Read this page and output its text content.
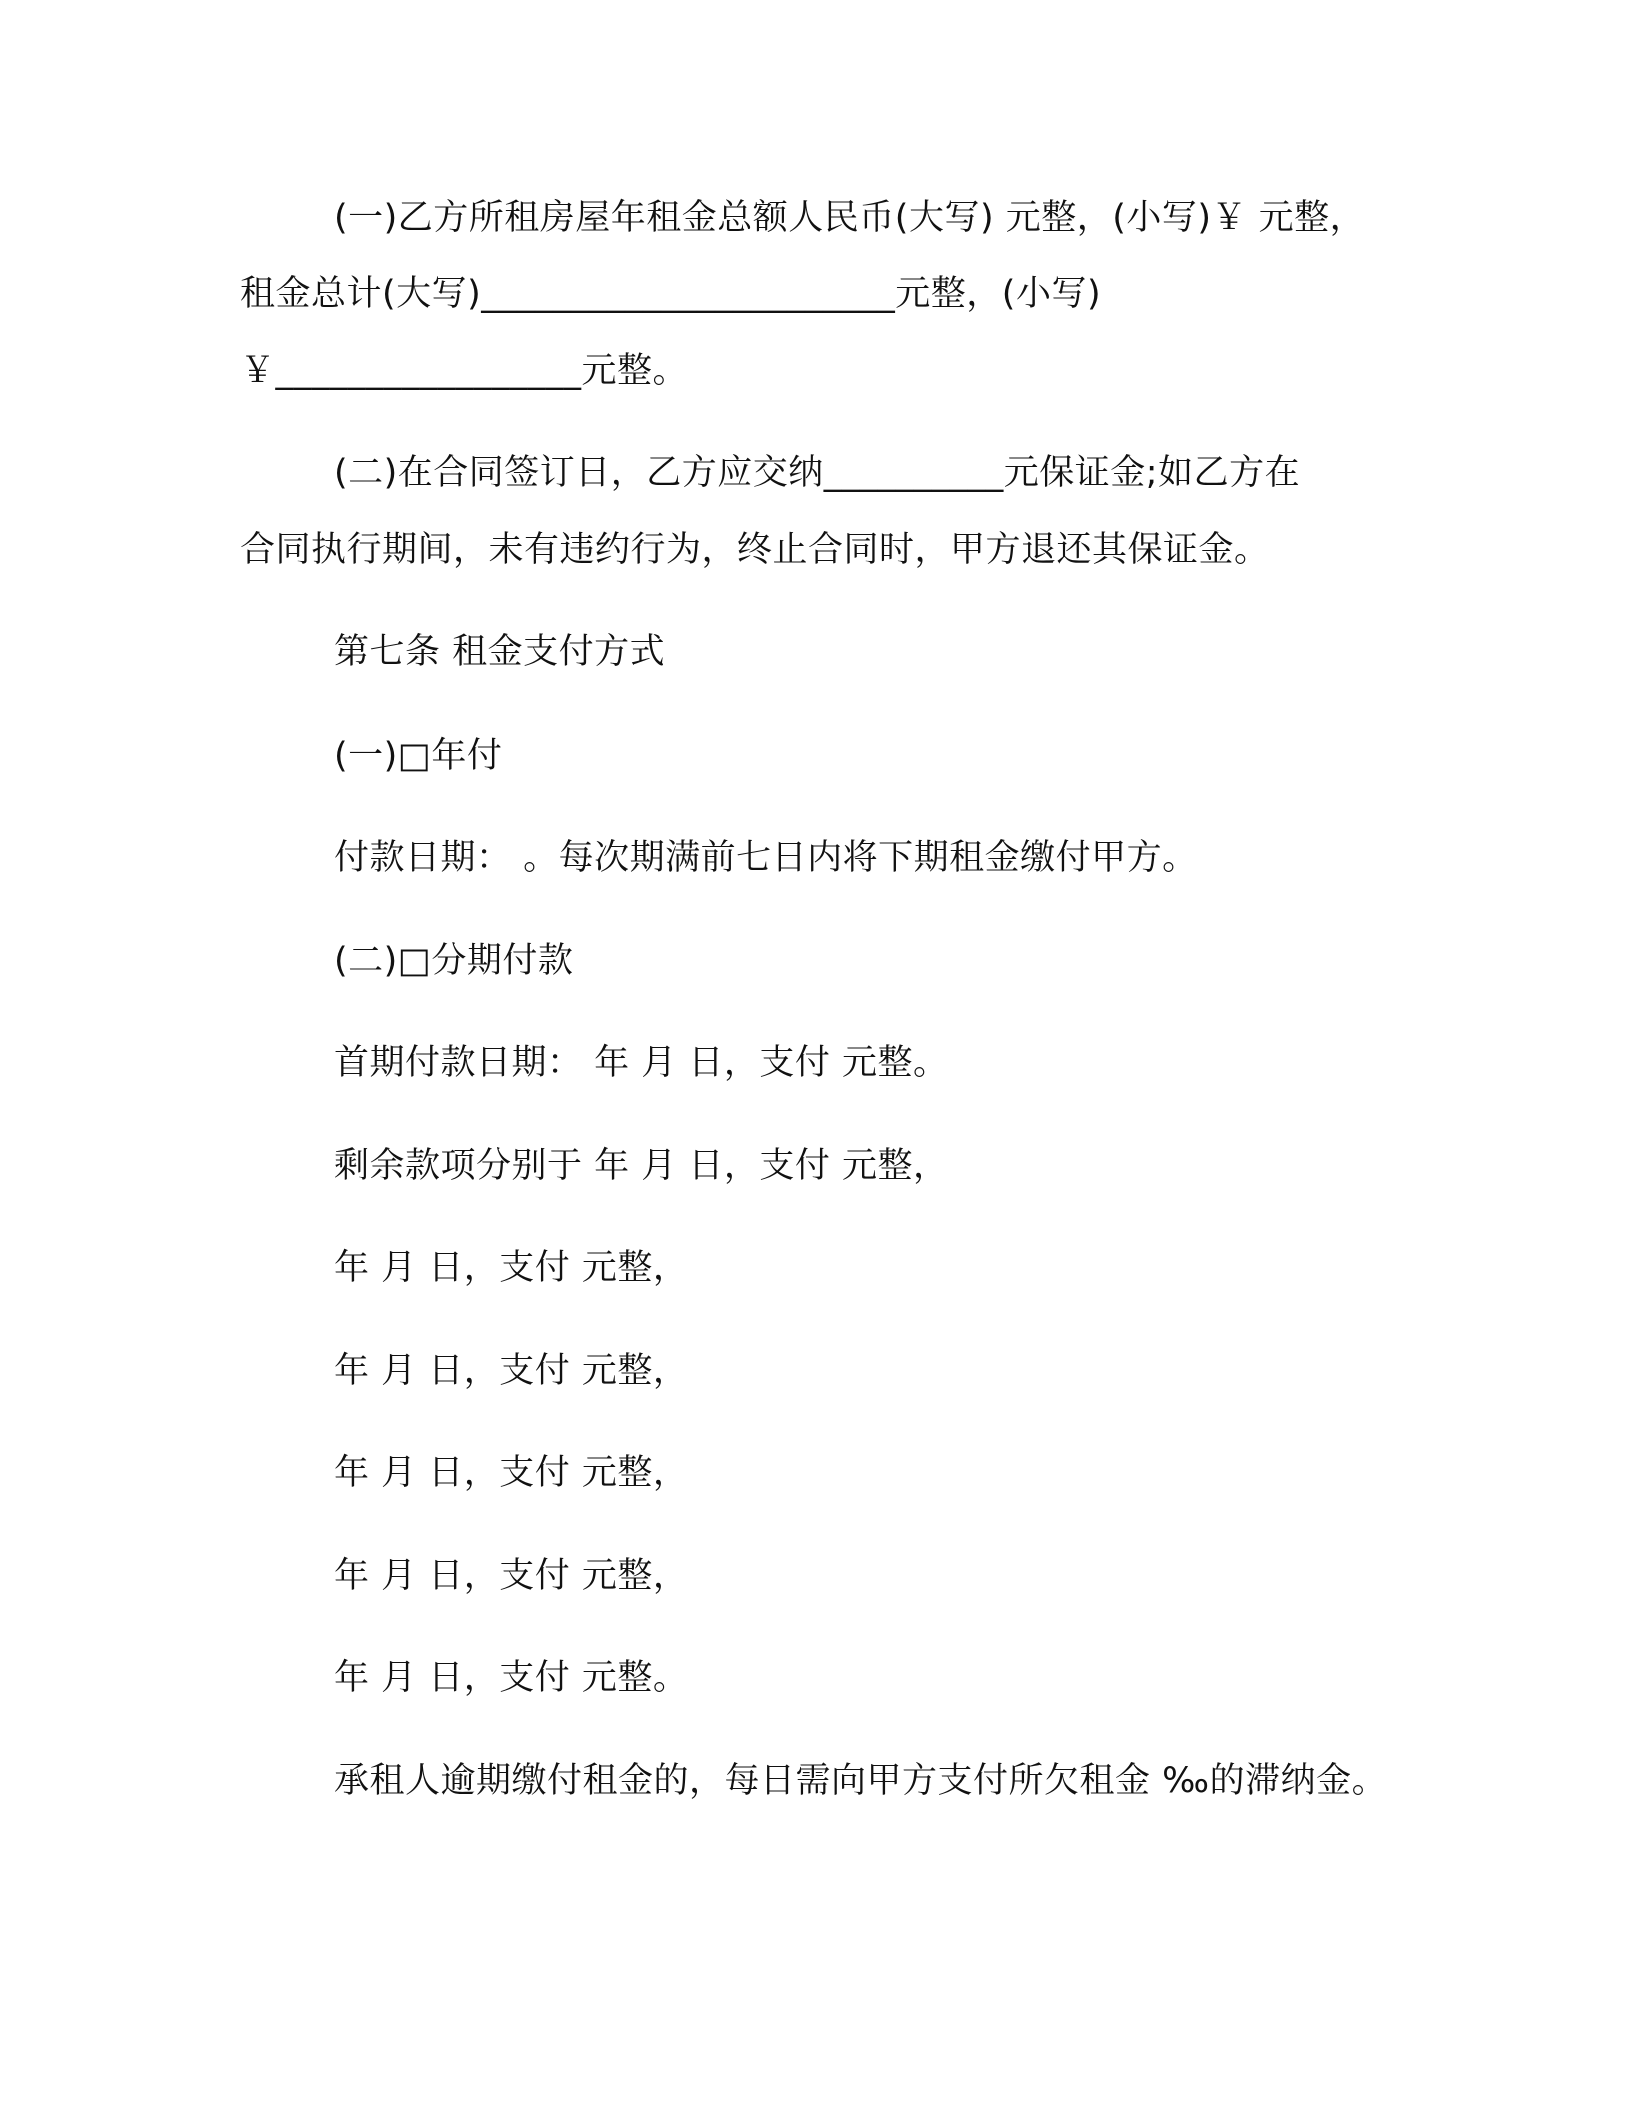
(一)乙方所租房屋年租金总额人民币(大写) 元整，(小写)￥ 元整，
租金总计(大写)_______________________元整，(小写)
￥_________________元整。
(二)在合同签订日，乙方应交纳__________元保证金;如乙方在
合同执行期间，未有违约行为，终止合同时，甲方退还其保证金。
第七条 租金支付方式
(一)□年付
付款日期： 。每次期满前七日内将下期租金缴付甲方。
(二)□分期付款
首期付款日期： 年 月 日，支付 元整。
剩余款项分别于 年 月 日，支付 元整，
年 月 日，支付 元整，
年 月 日，支付 元整，
年 月 日，支付 元整，
年 月 日，支付 元整，
年 月 日，支付 元整。
承租人逾期缴付租金的，每日需向甲方支付所欠租金 ‰的滞纳金。
